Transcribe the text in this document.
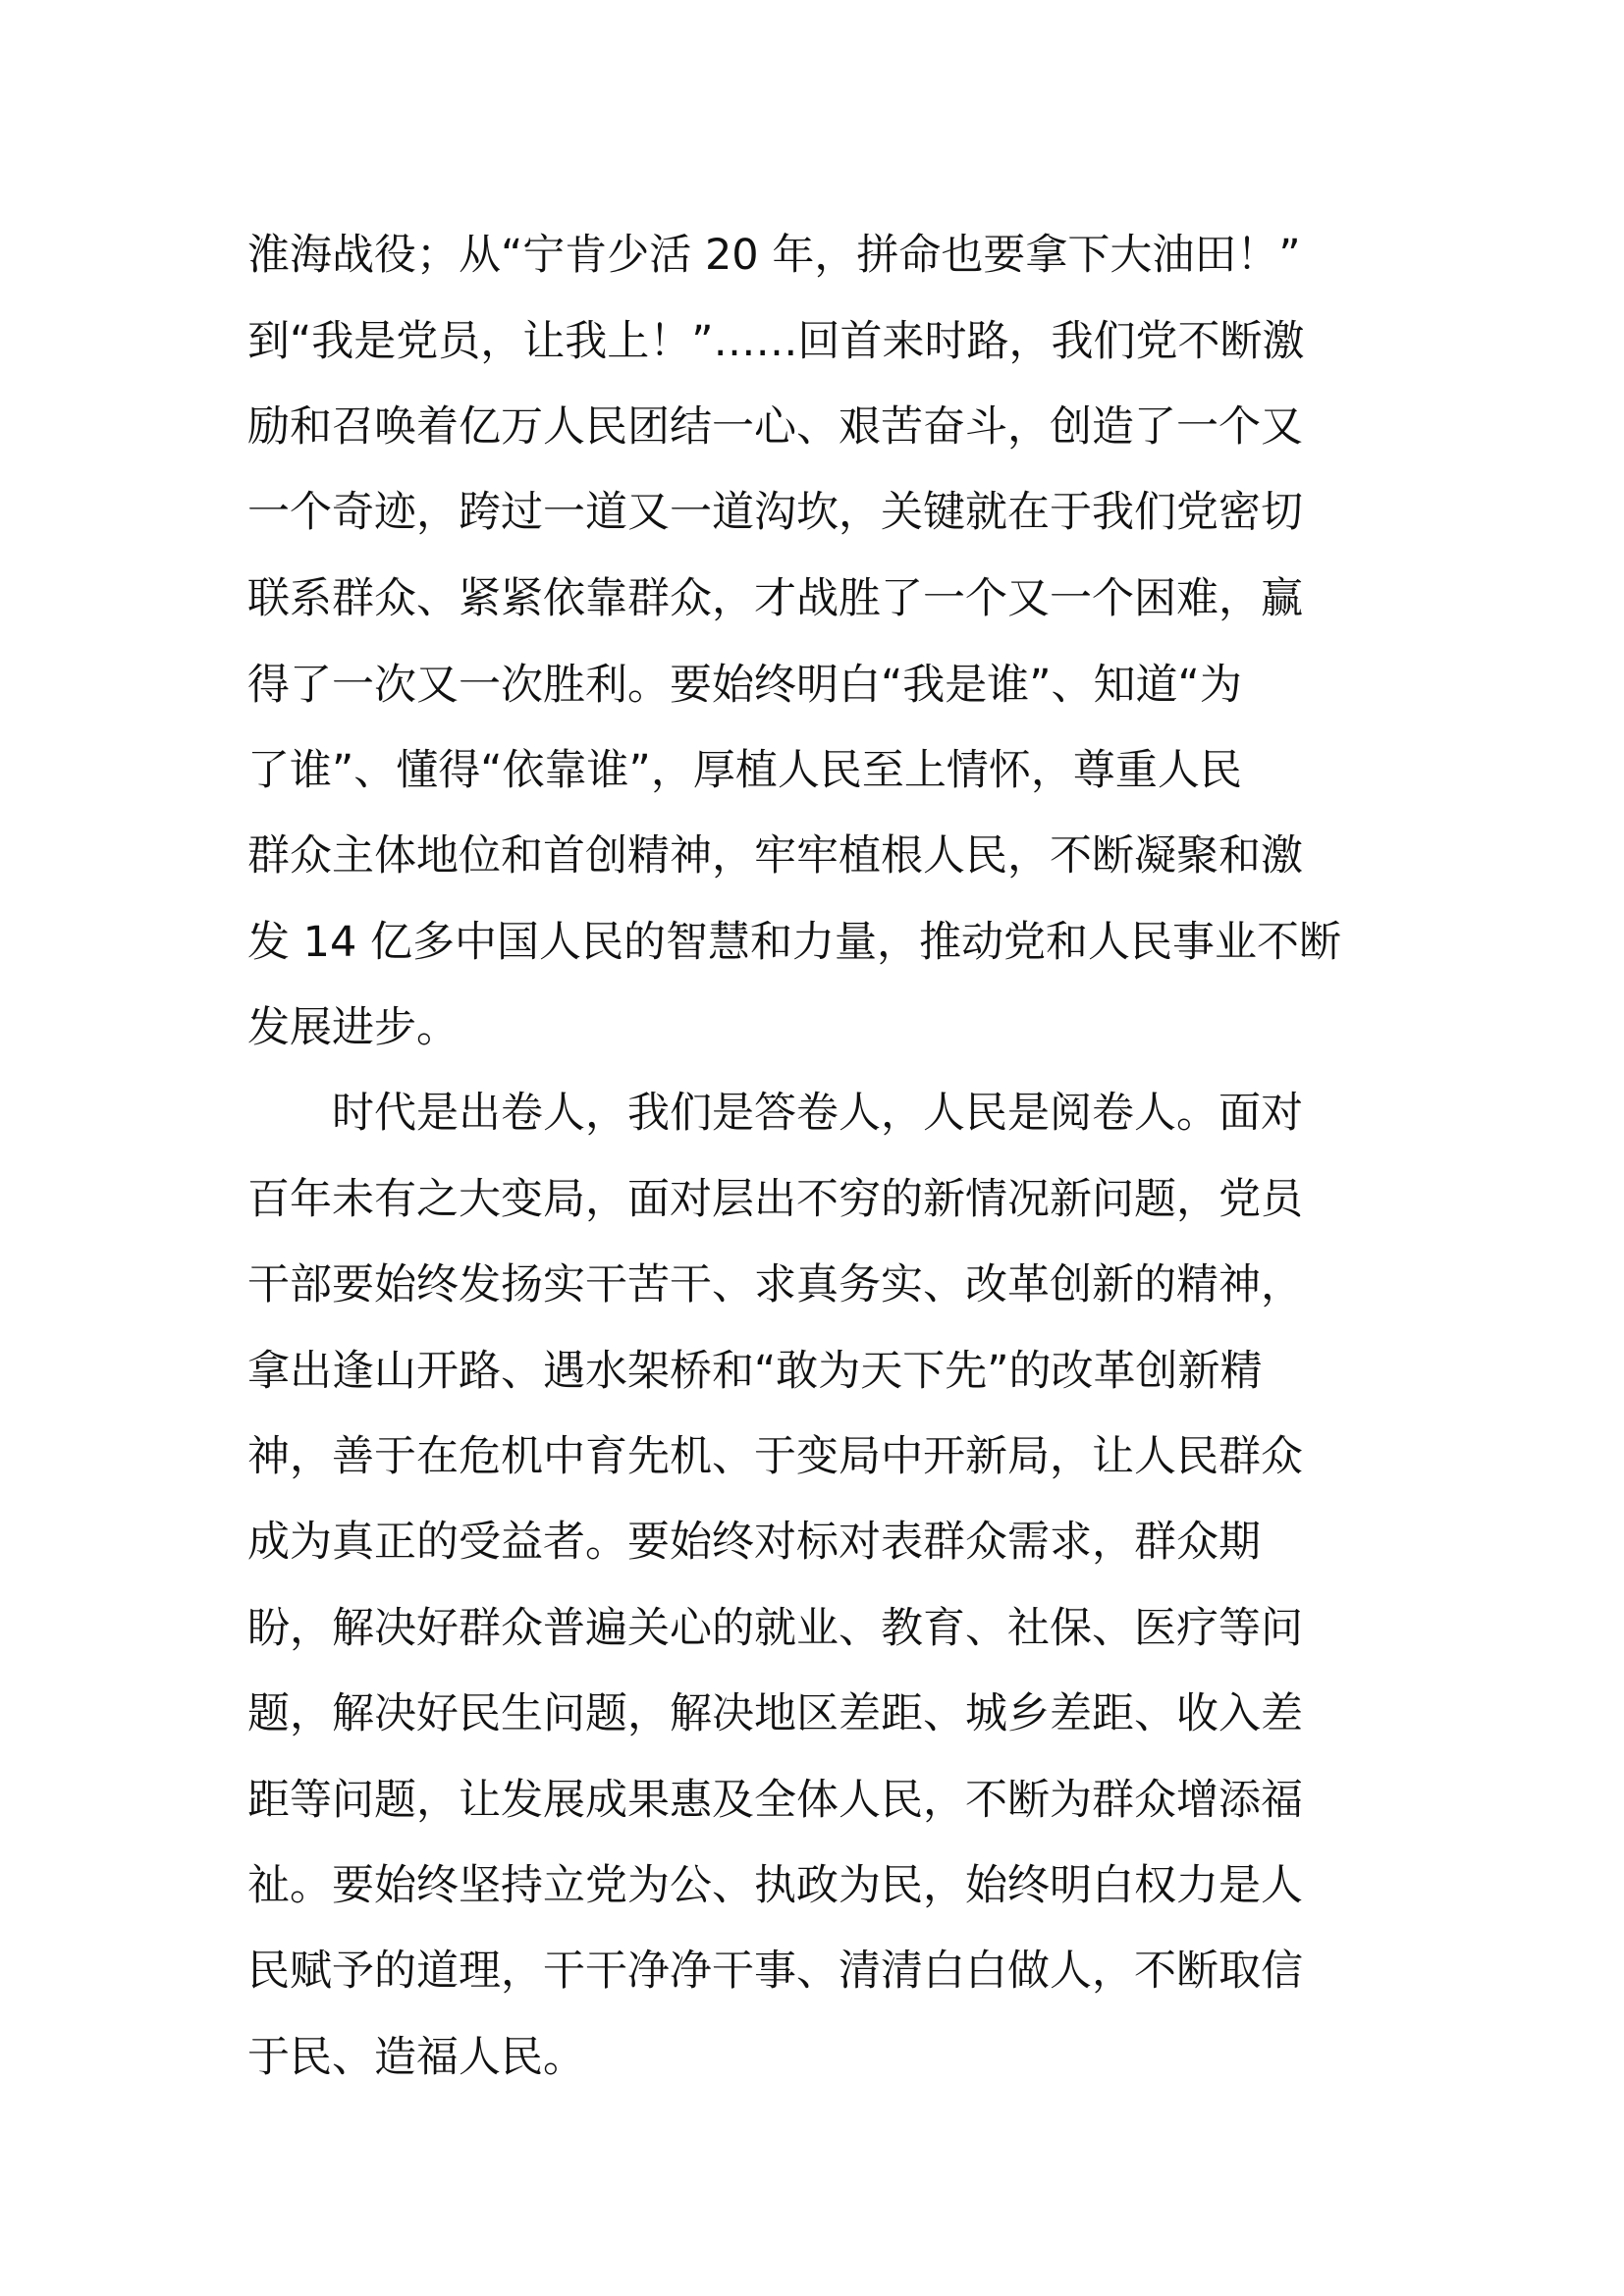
淮海战役；从“宁肯少活 20 年，拼命也要拿下大油田！”
到“我是党员，让我上！”……回首来时路，我们党不断激
励和召唤着亿万人民团结一心、艰苦奋斗，创造了一个又
一个奇迹，跨过一道又一道沟坎，关键就在于我们党密切
联系群众、紧紧依靠群众，才战胜了一个又一个困难，赢
得了一次又一次胜利。要始终明白“我是谁”、知道“为
了谁”、懂得“依靠谁”，厚植人民至上情怀，尊重人民
群众主体地位和首创精神，牢牢植根人民，不断凝聚和激
发 14 亿多中国人民的智慧和力量，推动党和人民事业不断
发展进步。
　　时代是出卷人，我们是答卷人，人民是阅卷人。面对
百年未有之大变局，面对层出不穷的新情况新问题，党员
干部要始终发扬实干苦干、求真务实、改革创新的精神，
拿出逢山开路、遇水架桥和“敢为天下先”的改革创新精
神，善于在危机中育先机、于变局中开新局，让人民群众
成为真正的受益者。要始终对标对表群众需求，群众期
盼，解决好群众普遍关心的就业、教育、社保、医疗等问
题，解决好民生问题，解决地区差距、城乡差距、收入差
距等问题，让发展成果惠及全体人民，不断为群众增添福
祉。要始终坚持立党为公、执政为民，始终明白权力是人
民赋予的道理，干干净净干事、清清白白做人，不断取信
于民、造福人民。
